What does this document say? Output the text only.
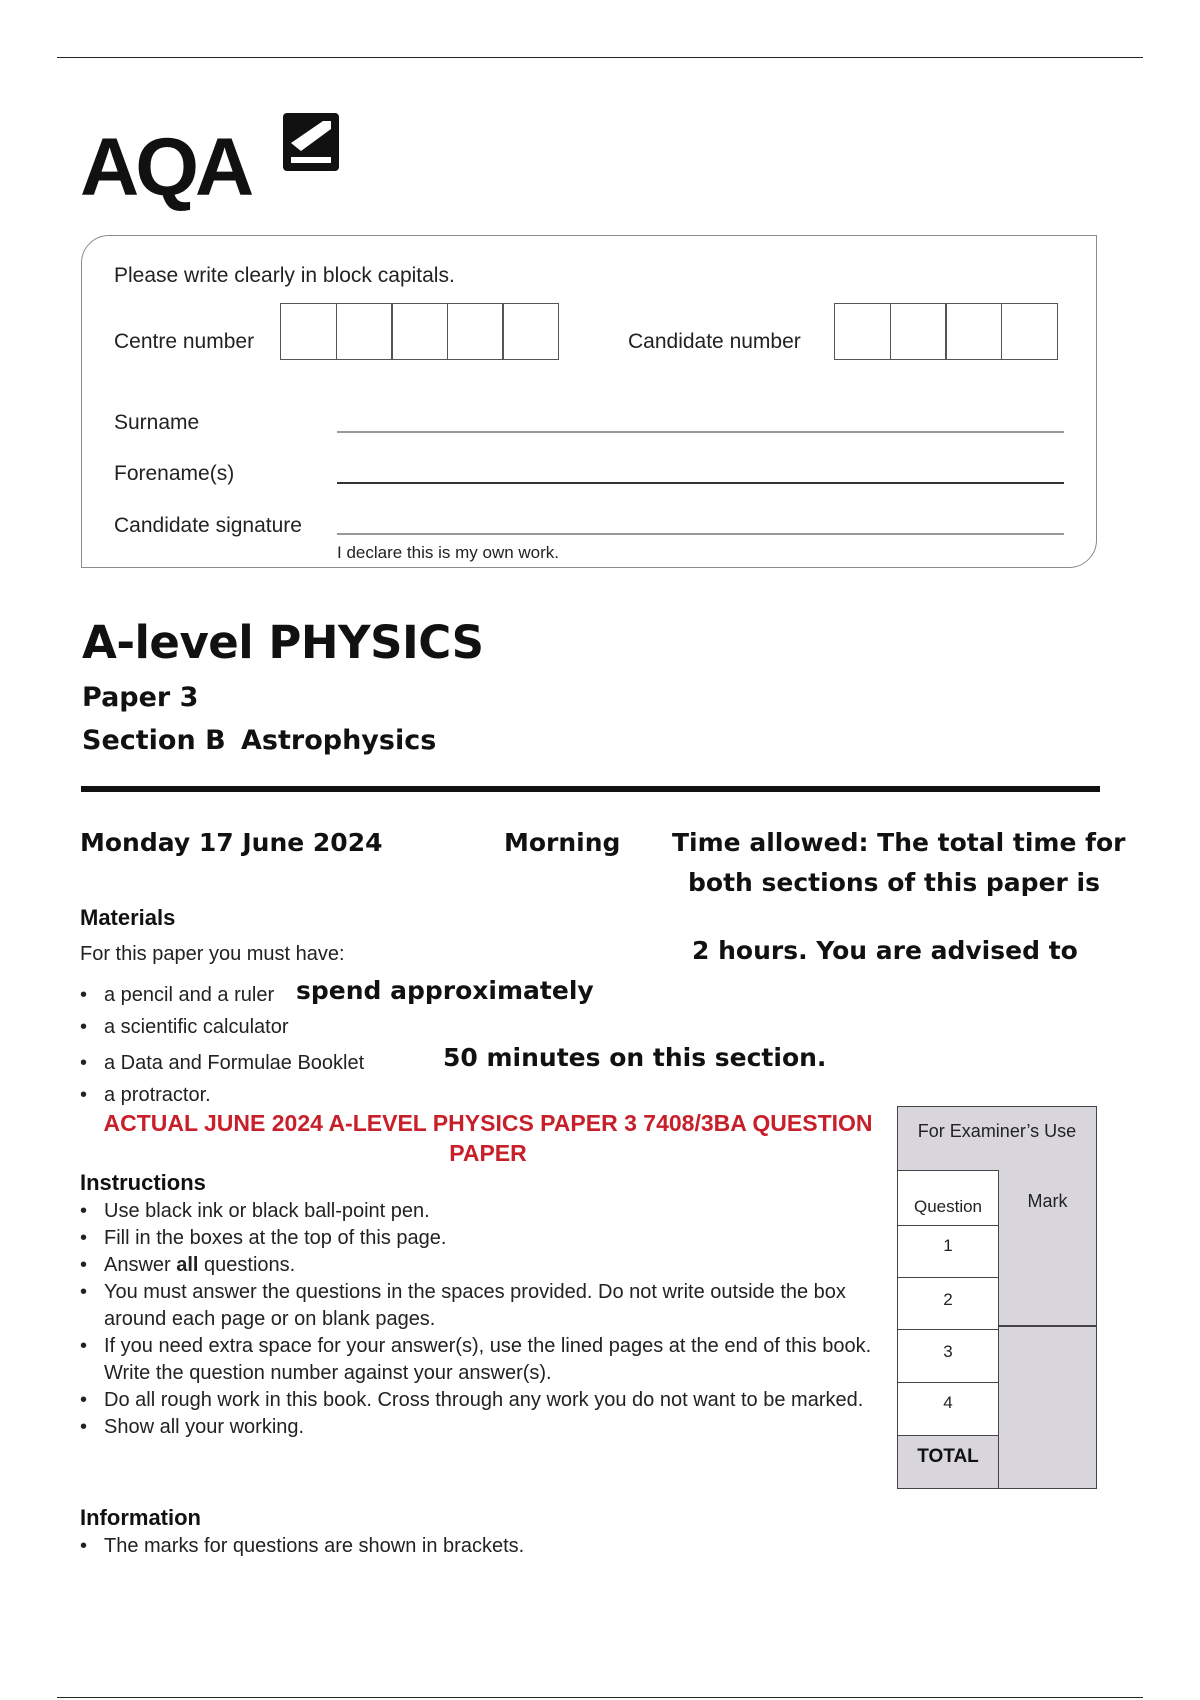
AQA
Please write clearly in block capitals.
Centre number	Candidate number
Surname
Forename(s)
Candidate signature
I declare this is my own work.
A-level PHYSICS
Paper 3
Section B Astrophysics
Monday 17 June 2024	Morning Time allowed: The total time for
both sections of this paper is
2 hours. You are advised to
Materials
For this paper you must have:
• a pencil and a ruler spend approximately
• a scientific calculator
• a Data and Formulae Booklet	50 minutes on this section.
• a protractor.
ACTUAL JUNE 2024 A-LEVEL PHYSICS PAPER 3 7408/3BA QUESTION
PAPER
Instructions
• Use black ink or black ball-point pen.
• Fill in the boxes at the top of this page.
• Answer all questions.
• You must answer the questions in the spaces provided. Do not write outside the box around each page or on blank pages.
• If you need extra space for your answer(s), use the lined pages at the end of this book. Write the question number against your answer(s).
• Do all rough work in this book. Cross through any work you do not want to be marked.
• Show all your working.
Information
• The marks for questions are shown in brackets.
For Examiner’s Use
Question	Mark
1
2
3
4
TOTAL
